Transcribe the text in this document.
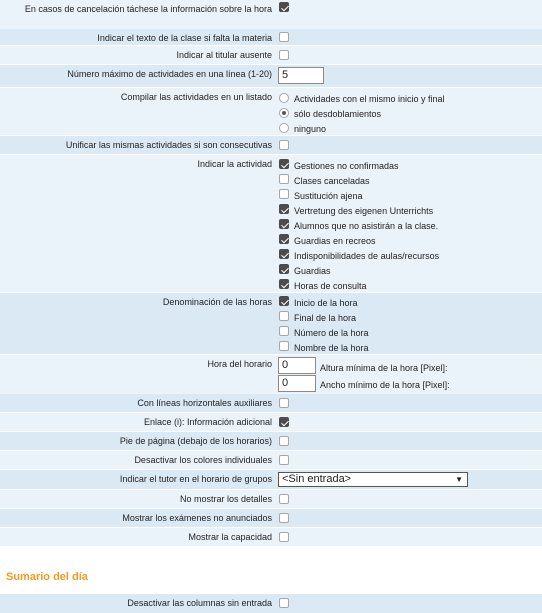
En casos de cancelación táchese la información sobre la hora
Indicar el texto de la clase si falta la materia
Indicar al titular ausente
Número máximo de actividades en una línea (1-20) 5
Compilar las actividades en un listado	Actividades con el mismo inicio y final
sólo desdoblamientos
ninguno
Unificar las mismas actividades si son consecutivas
Indicar la actividad	Gestiones no confirmadas
Clases canceladas
Sustitución ajena
Vertretung des eigenen Unterrichts
Alumnos que no asistirán a la clase.
Guardias en recreos
Indisponibilidades de aulas/recursos
Guardias
Horas de consulta
Denominación de las horas	Inicio de la hora
Final de la hora
Número de la hora
Nombre de la hora
Hora del horario 0	Altura mínima de la hora [Pixel]:
0	Ancho mínimo de la hora [Pixel]:
Con líneas horizontales auxiliares
Enlace (i): Información adicional
Pie de página (debajo de los horarios)
Desactivar los colores individuales
Indicar el tutor en el horario de grupos <Sin entrada>	▼
No mostrar los detalles
Mostrar los exámenes no anunciados
Mostrar la capacidad
Sumario del día
Desactivar las columnas sin entrada
